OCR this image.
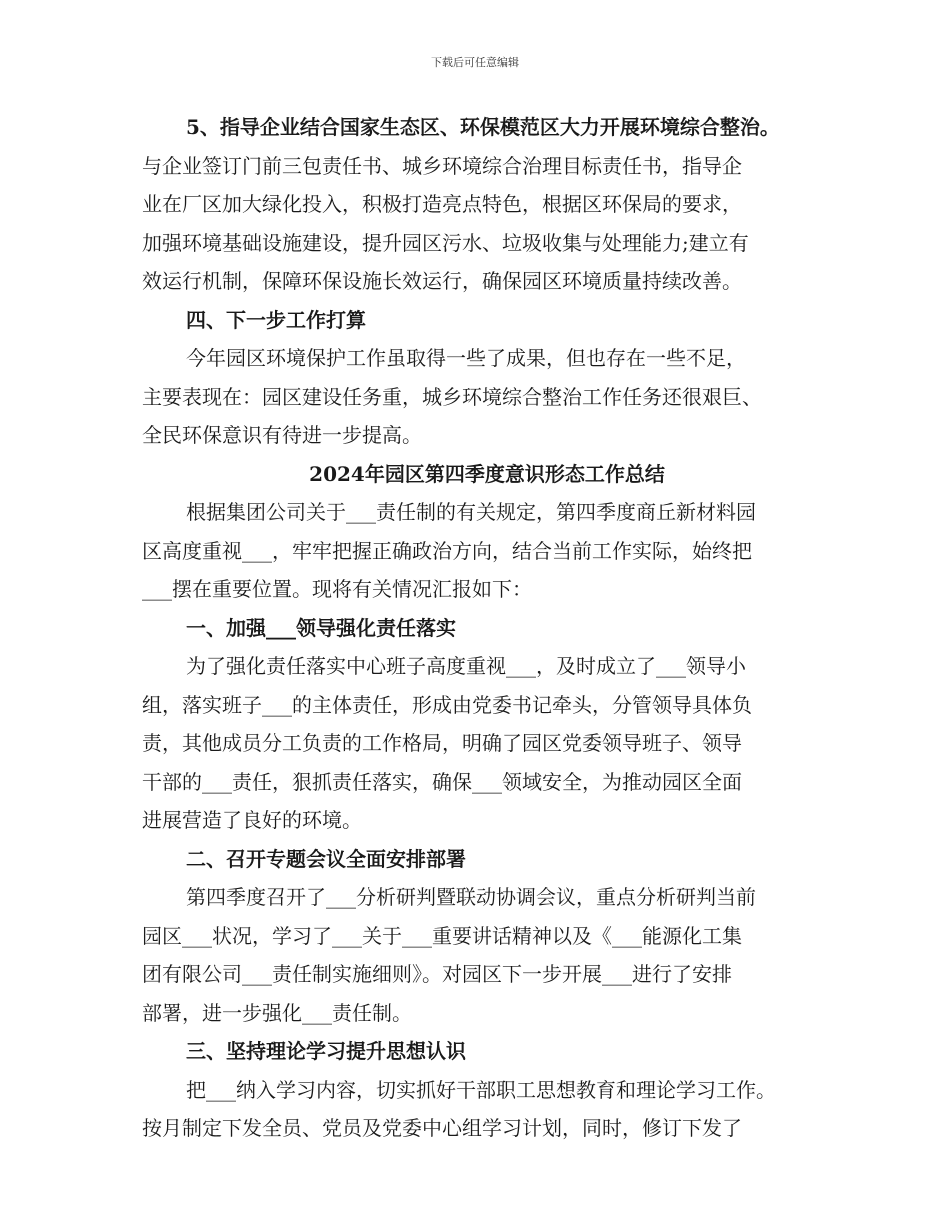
下载后可任意编辑
5、指导企业结合国家生态区、环保模范区大力开展环境综合整治。
与企业签订门前三包责任书、城乡环境综合治理目标责任书，指导企
业在厂区加大绿化投入，积极打造亮点特色，根据区环保局的要求，
加强环境基础设施建设，提升园区污水、垃圾收集与处理能力;建立有
效运行机制，保障环保设施长效运行，确保园区环境质量持续改善。
四、下一步工作打算
今年园区环境保护工作虽取得一些了成果，但也存在一些不足，
主要表现在：园区建设任务重，城乡环境综合整治工作任务还很艰巨、
全民环保意识有待进一步提高。
2024年园区第四季度意识形态工作总结
根据集团公司关于___责任制的有关规定，第四季度商丘新材料园
区高度重视___，牢牢把握正确政治方向，结合当前工作实际，始终把
___摆在重要位置。现将有关情况汇报如下：
一、加强___领导强化责任落实
为了强化责任落实中心班子高度重视___，及时成立了___领导小
组，落实班子___的主体责任，形成由党委书记牵头，分管领导具体负
责，其他成员分工负责的工作格局，明确了园区党委领导班子、领导
干部的___责任，狠抓责任落实，确保___领域安全，为推动园区全面
进展营造了良好的环境。
二、召开专题会议全面安排部署
第四季度召开了___分析研判暨联动协调会议，重点分析研判当前
园区___状况，学习了___关于___重要讲话精神以及《___能源化工集
团有限公司___责任制实施细则》。对园区下一步开展___进行了安排
部署，进一步强化___责任制。
三、坚持理论学习提升思想认识
把___纳入学习内容，切实抓好干部职工思想教育和理论学习工作。
按月制定下发全员、党员及党委中心组学习计划，同时，修订下发了
